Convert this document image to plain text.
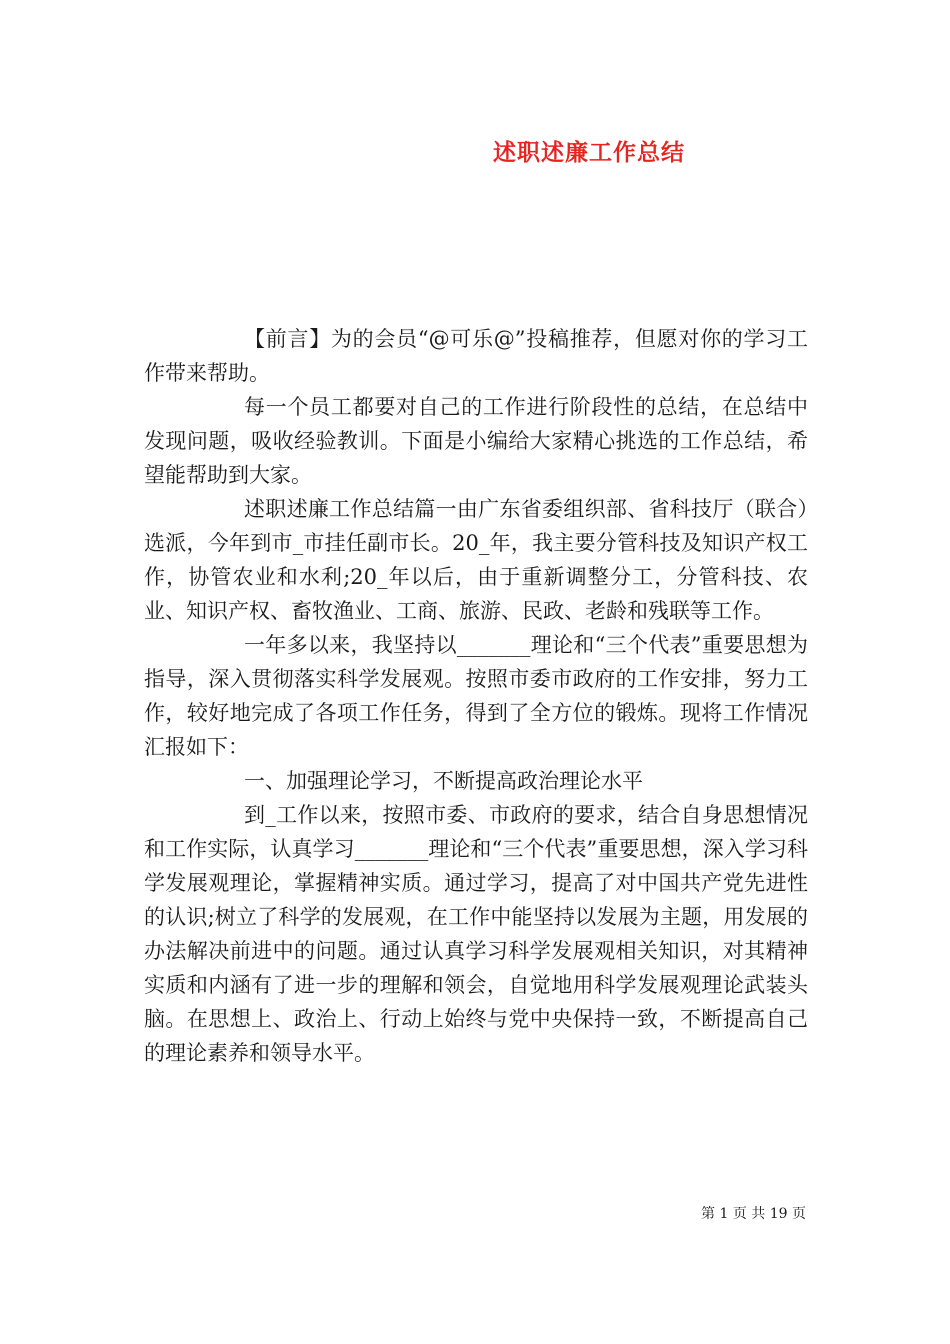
述职述廉工作总结

【前言】为的会员“@可乐@”投稿推荐，但愿对你的学习工作带来帮助。

每一个员工都要对自己的工作进行阶段性的总结，在总结中发现问题，吸收经验教训。下面是小编给大家精心挑选的工作总结，希望能帮助到大家。

述职述廉工作总结篇一由广东省委组织部、省科技厅（联合）选派，今年到市_市挂任副市长。20_年，我主要分管科技及知识产权工作，协管农业和水利;20_年以后，由于重新调整分工，分管科技、农业、知识产权、畜牧渔业、工商、旅游、民政、老龄和残联等工作。

一年多以来，我坚持以_______理论和“三个代表”重要思想为指导，深入贯彻落实科学发展观。按照市委市政府的工作安排，努力工作，较好地完成了各项工作任务，得到了全方位的锻炼。现将工作情况汇报如下：

一、加强理论学习，不断提高政治理论水平

到_工作以来，按照市委、市政府的要求，结合自身思想情况和工作实际，认真学习_______理论和“三个代表”重要思想，深入学习科学发展观理论，掌握精神实质。通过学习，提高了对中国共产党先进性的认识;树立了科学的发展观，在工作中能坚持以发展为主题，用发展的办法解决前进中的问题。通过认真学习科学发展观相关知识，对其精神实质和内涵有了进一步的理解和领会，自觉地用科学发展观理论武装头脑。在思想上、政治上、行动上始终与党中央保持一致，不断提高自己的理论素养和领导水平。

第 1 页 共 19 页
